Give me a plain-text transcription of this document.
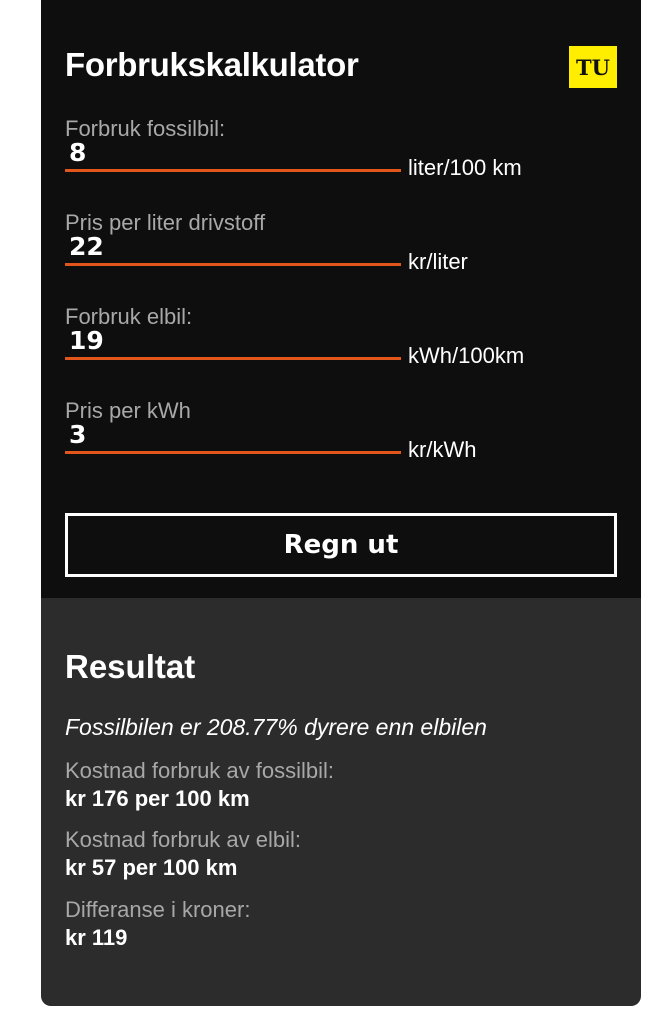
Forbrukskalkulator	TU
Forbruk fossilbil:
8
liter/100 km
Pris per liter drivstoff
22
kr/liter
Forbruk elbil:
19
kWh/100km
Pris per kWh
3
kr/kWh
Regn ut
Resultat
Fossilbilen er 208.77% dyrere enn elbilen
Kostnad forbruk av fossilbil:
kr 176 per 100 km
Kostnad forbruk av elbil:
kr 57 per 100 km
Differanse i kroner:
kr 119
